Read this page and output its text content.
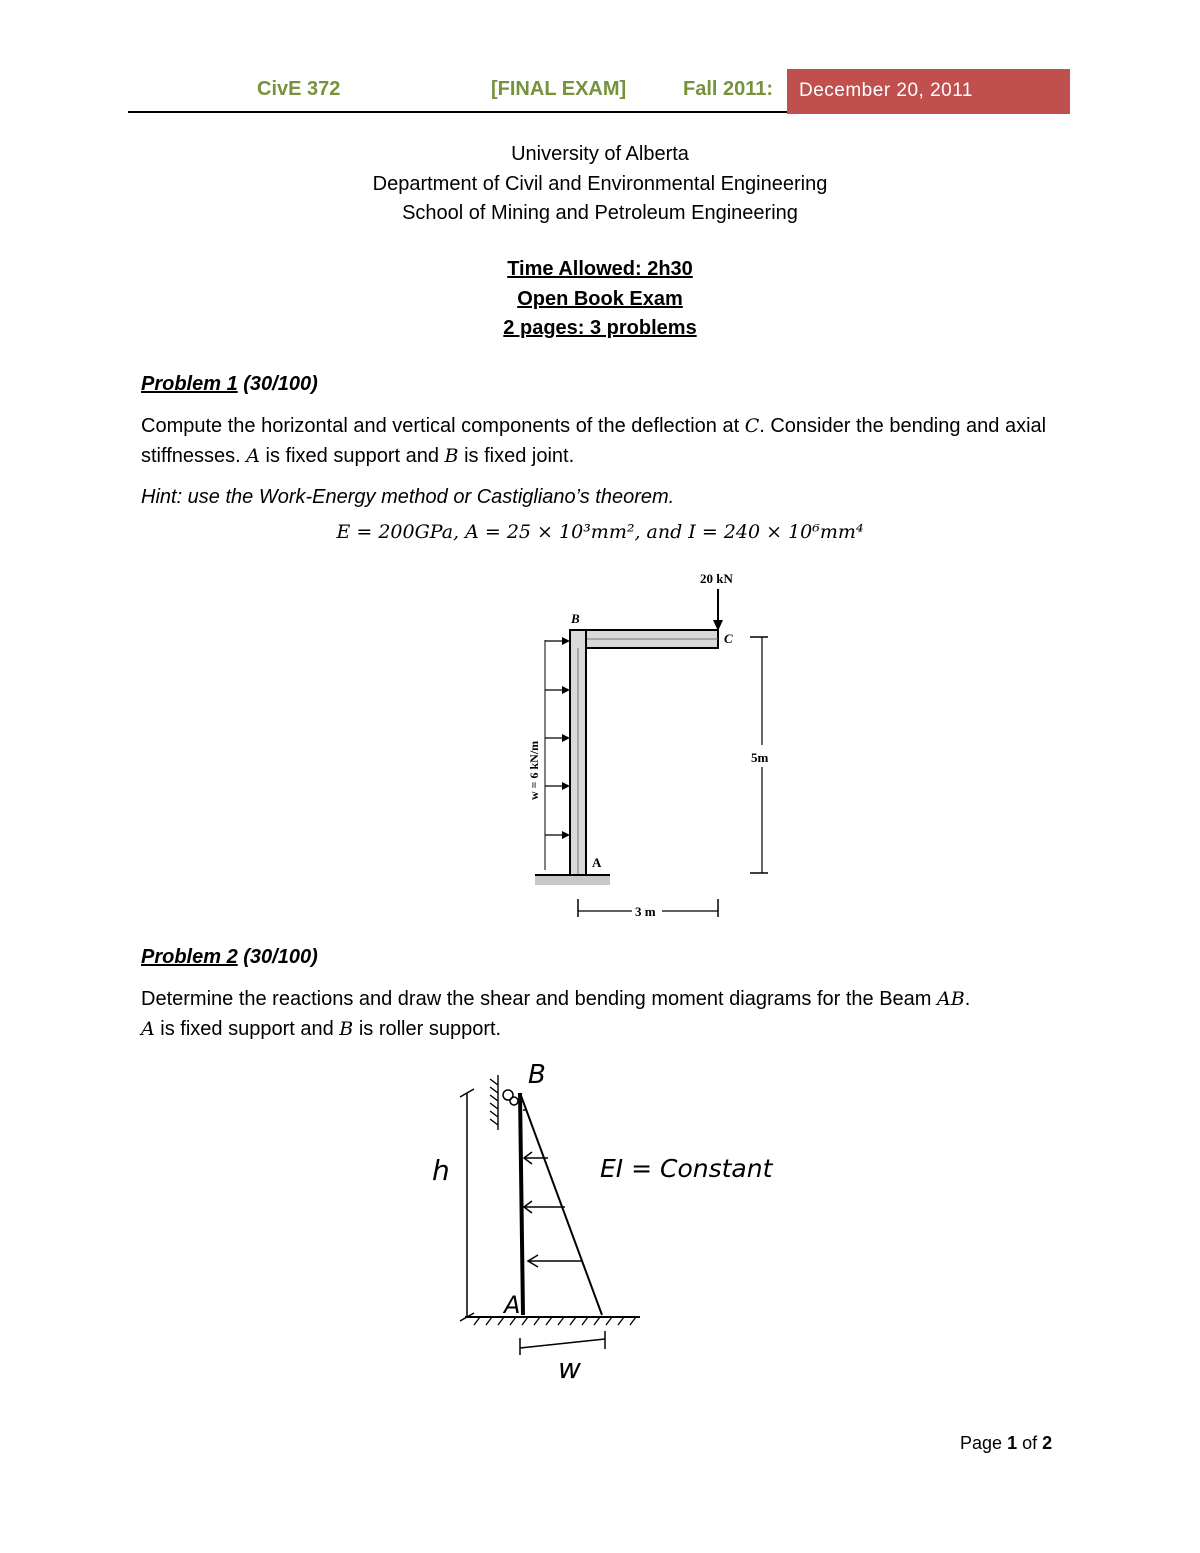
CivE 372	[FINAL EXAM]	Fall 2011:	December 20, 2011
University of Alberta
Department of Civil and Environmental Engineering
School of Mining and Petroleum Engineering
Time Allowed: 2h30
Open Book Exam
2 pages: 3 problems
Problem 1 (30/100)
Compute the horizontal and vertical components of the deflection at C. Consider the bending and axial stiffnesses. A is fixed support and B is fixed joint.
Hint: use the Work-Energy method or Castigliano’s theorem.
E = 200GPa, A = 25 × 10³mm², and I = 240 × 10⁶mm⁴
20 kN
B
C
A
w = 6 kN/m	5m
3 m
Problem 2 (30/100)
Determine the reactions and draw the shear and bending moment diagrams for the Beam AB.
A is fixed support and B is roller support.
h
B
A
EI = Constant
w
Page 1 of 2
